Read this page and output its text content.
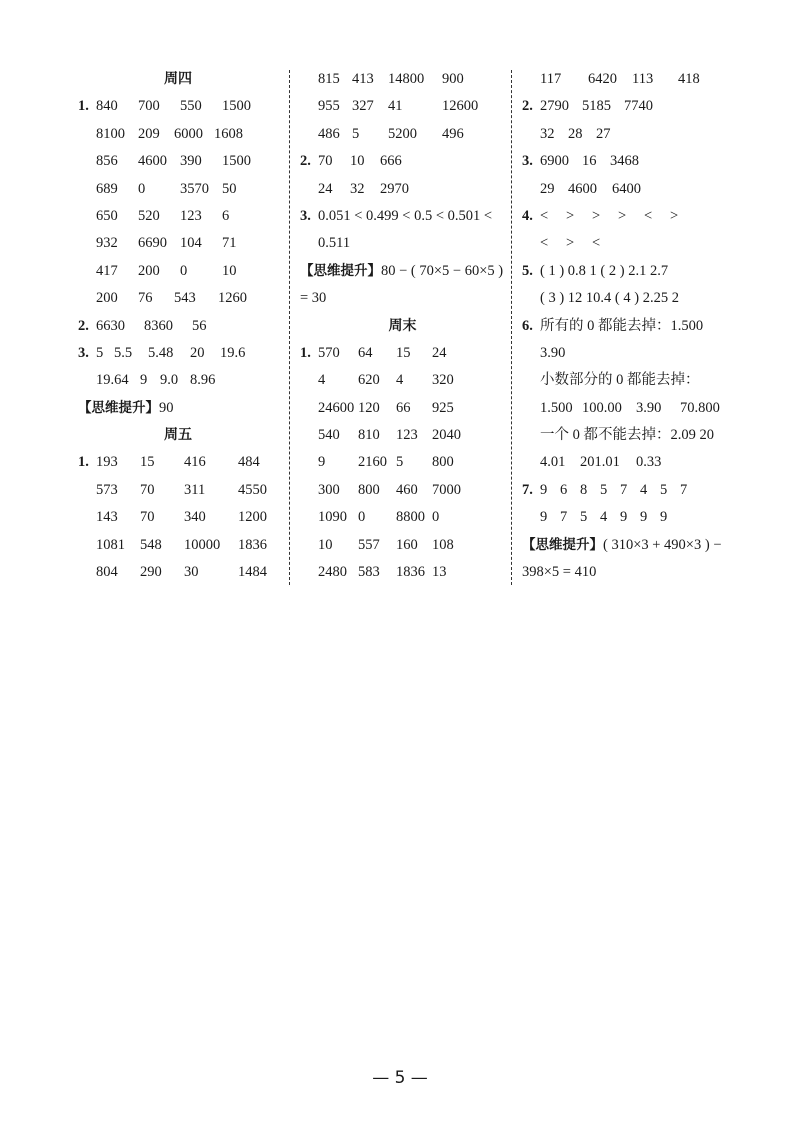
周四
1. 840 700 550 1500
8100 209 6000 1608
856 4600 390 1500
689 0 3570 50
650 520 123 6
932 6690 104 71
417 200 0 10
200 76 543 1260
2. 6630 8360 56
3. 5 5.5 5.48 20 19.6
19.64 9 9.0 8.96
【思维提升】90
周五
1. 193 15 416 484
573 70 311 4550
143 70 340 1200
1081 548 10000 1836
804 290 30	1484
815 413 14800 900
955 327 41	12600
486 5 5200 496
2. 70 10 666
24 32 2970
3. 0.051 < 0.499 < 0.5 < 0.501 <
0.511
【思维提升】80 − ( 70×5 − 60×5 )
= 30
周末
1. 570 64 15 24
4 620 4 320
24600 120 66 925
540 810 123 2040
9 2160 5 800
300 800 460 7000
1090 0 8800 0
10 557 160 108
2480 583 1836 13
117 6420 113 418
2. 2790 5185 7740
32 28 27
3. 6900 16 3468
29 4600 6400
4. < > > > < >
< > <
5. ( 1 ) 0.8 1 ( 2 ) 2.1 2.7
( 3 ) 12 10.4 ( 4 ) 2.25 2
6. 所有的 0 都能去掉：1.500
3.90
小数部分的 0 都能去掉：
1.500 100.00 3.90 70.800
一个 0 都不能去掉：2.09 20
4.01 201.01 0.33
7. 9 6 8 5 7 4 5 7
9 7 5 4 9 9 9
【思维提升】( 310×3 + 490×3 ) −
398×5 = 410
— 5 —
